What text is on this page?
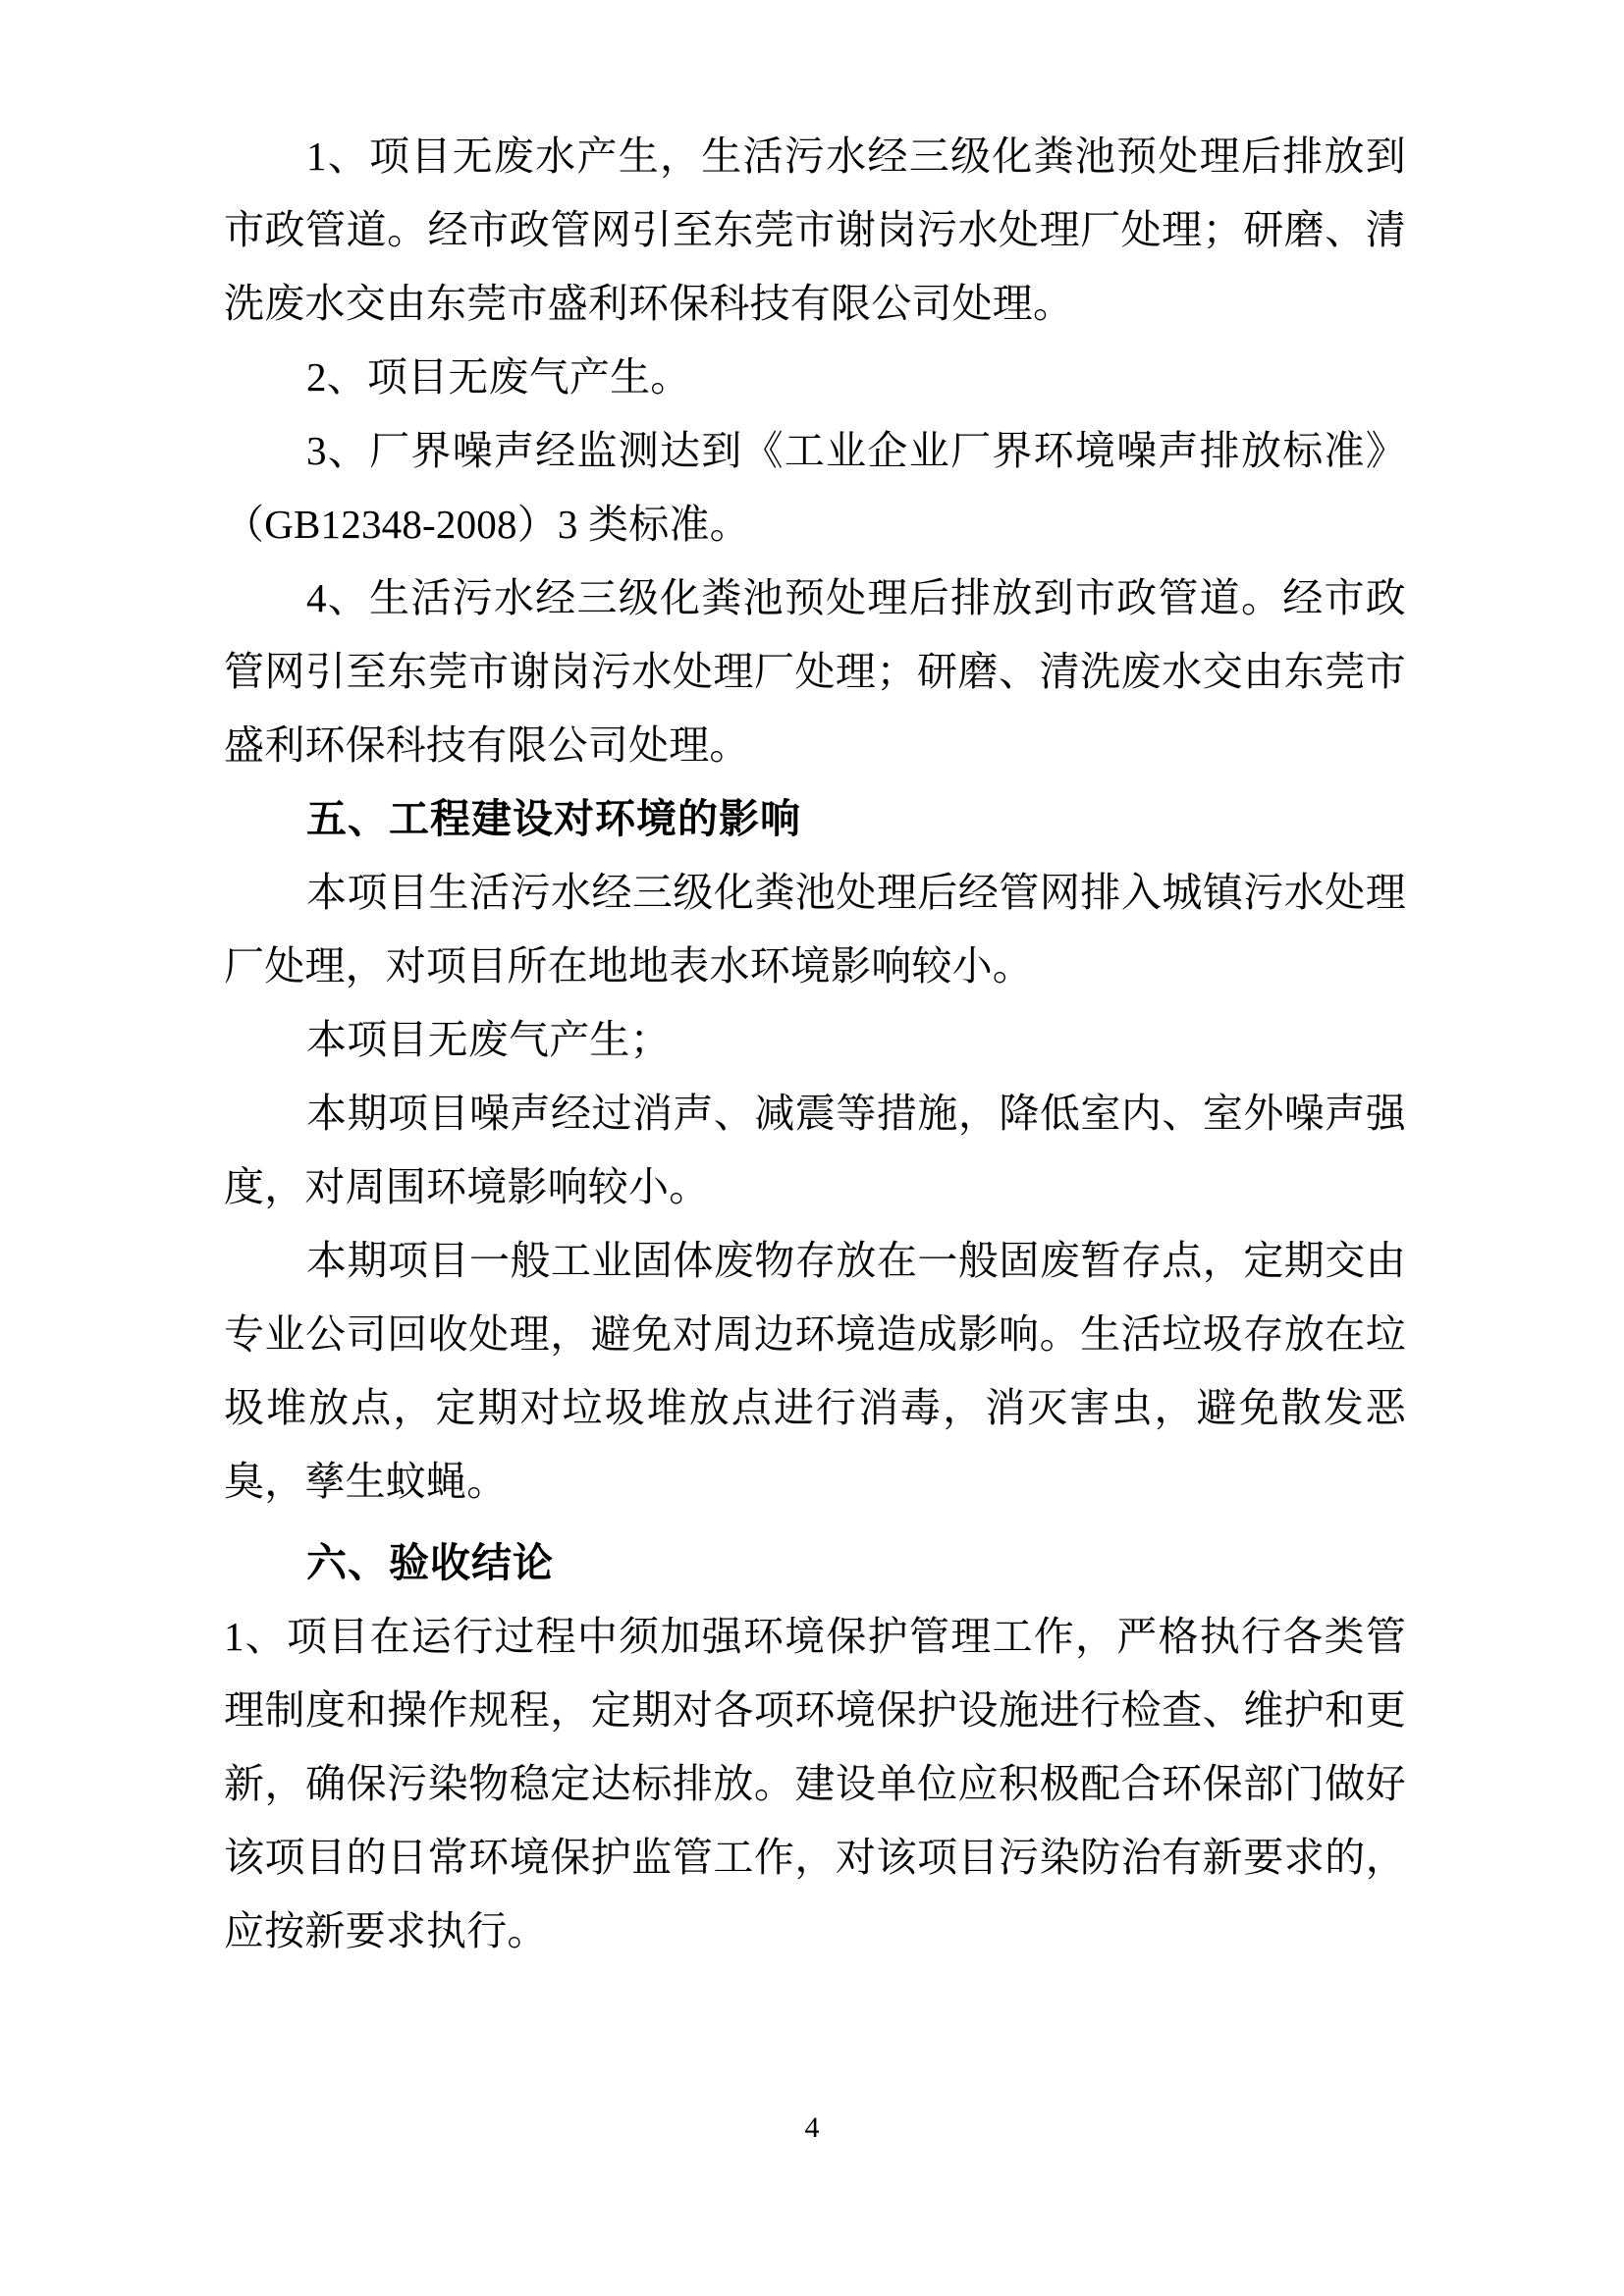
1、项目无废水产生，生活污水经三级化粪池预处理后排放到市政管道。经市政管网引至东莞市谢岗污水处理厂处理；研磨、清洗废水交由东莞市盛利环保科技有限公司处理。

2、项目无废气产生。

3、厂界噪声经监测达到《工业企业厂界环境噪声排放标准》（GB12348-2008）3 类标准。

4、生活污水经三级化粪池预处理后排放到市政管道。经市政管网引至东莞市谢岗污水处理厂处理；研磨、清洗废水交由东莞市盛利环保科技有限公司处理。

五、工程建设对环境的影响

本项目生活污水经三级化粪池处理后经管网排入城镇污水处理厂处理，对项目所在地地表水环境影响较小。

本项目无废气产生；

本期项目噪声经过消声、减震等措施，降低室内、室外噪声强度，对周围环境影响较小。

本期项目一般工业固体废物存放在一般固废暂存点，定期交由专业公司回收处理，避免对周边环境造成影响。生活垃圾存放在垃圾堆放点，定期对垃圾堆放点进行消毒，消灭害虫，避免散发恶臭，孳生蚊蝇。

六、验收结论

1、项目在运行过程中须加强环境保护管理工作，严格执行各类管理制度和操作规程，定期对各项环境保护设施进行检查、维护和更新，确保污染物稳定达标排放。建设单位应积极配合环保部门做好该项目的日常环境保护监管工作，对该项目污染防治有新要求的，应按新要求执行。

4
